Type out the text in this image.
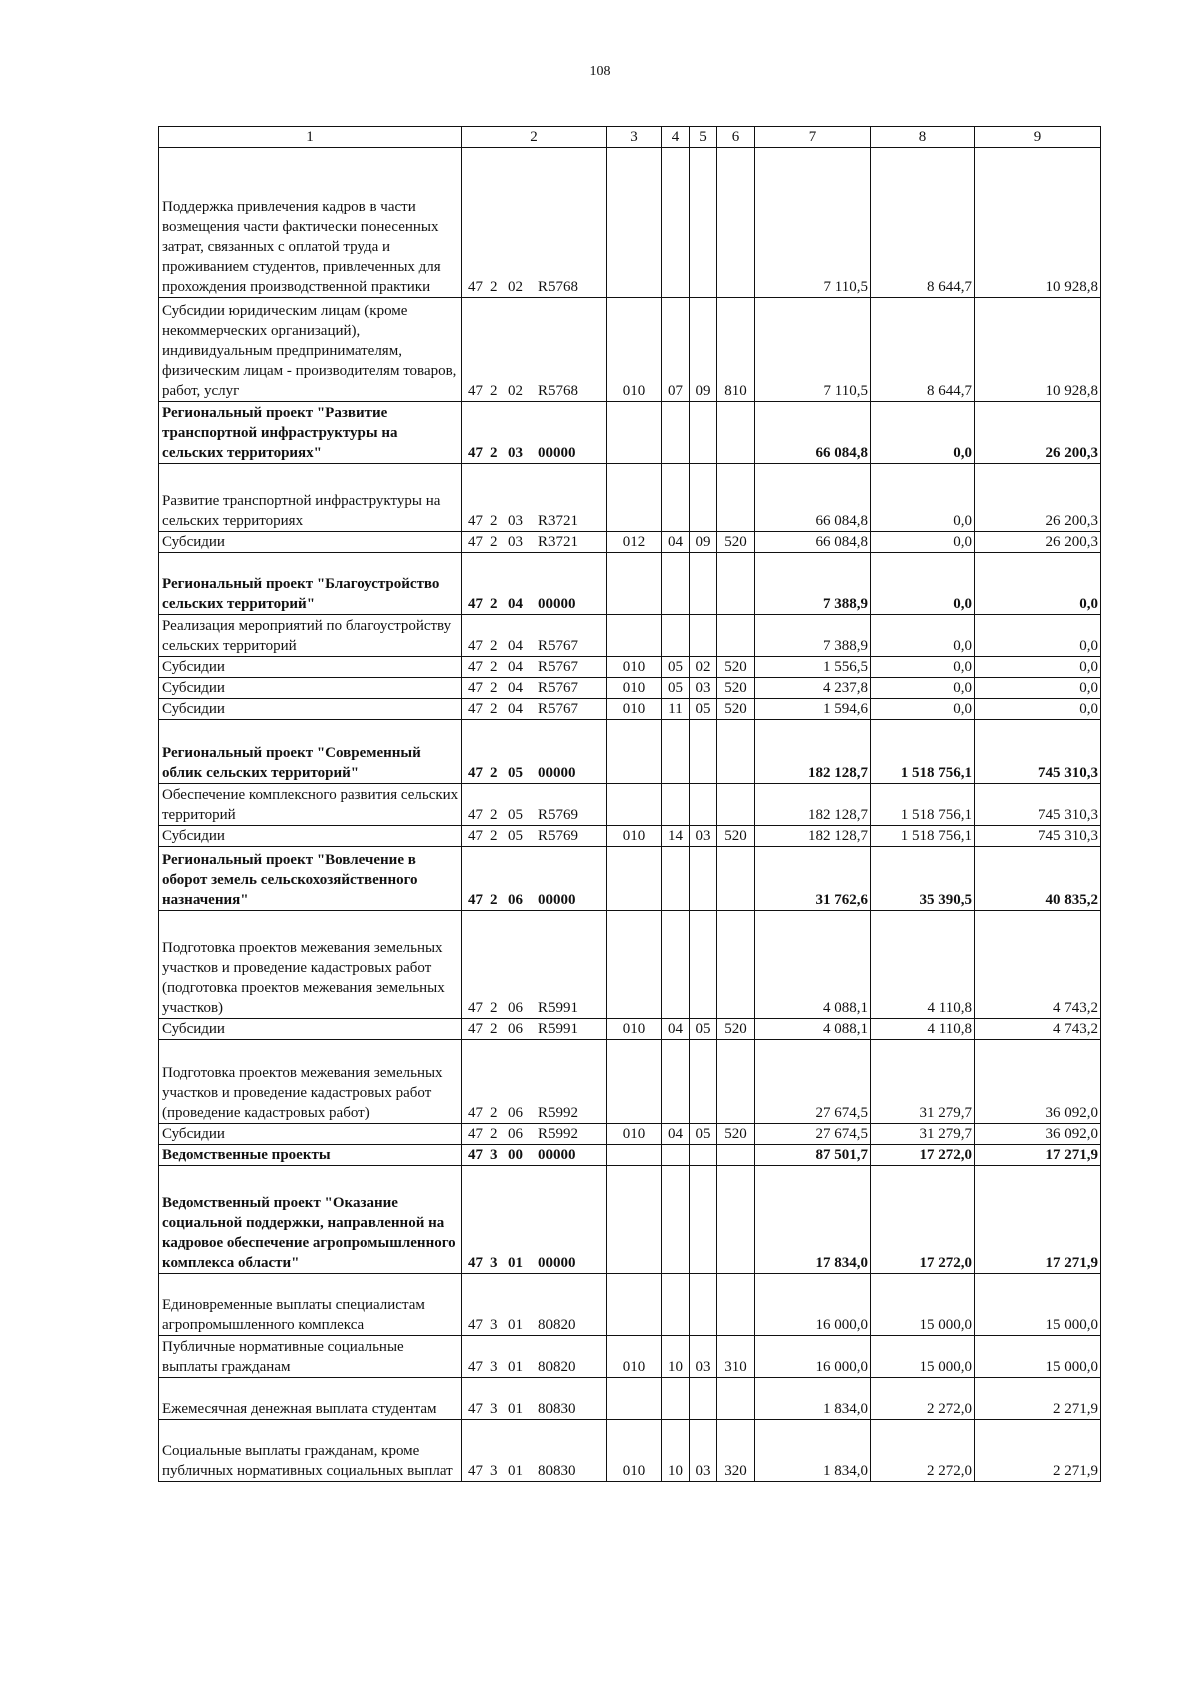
108
1	2	3	4	5	6	7	8	9
Поддержка привлечения кадров в части возмещения части фактически понесенных затрат, связанных с оплатой труда и проживанием студентов, привлеченных для прохождения производственной практики	47 2 02 R5768					7 110,5	8 644,7	10 928,8
Субсидии юридическим лицам (кроме некоммерческих организаций), индивидуальным предпринимателям, физическим лицам - производителям товаров, работ, услуг	47 2 02 R5768	010	07	09	810	7 110,5	8 644,7	10 928,8
Региональный проект "Развитие транспортной инфраструктуры на сельских территориях"	47 2 03 00000					66 084,8	0,0	26 200,3
Развитие транспортной инфраструктуры на сельских территориях	47 2 03 R3721					66 084,8	0,0	26 200,3
Субсидии	47 2 03 R3721	012	04	09	520	66 084,8	0,0	26 200,3
Региональный проект "Благоустройство сельских территорий"	47 2 04 00000					7 388,9	0,0	0,0
Реализация мероприятий по благоустройству сельских территорий	47 2 04 R5767					7 388,9	0,0	0,0
Субсидии	47 2 04 R5767	010	05	02	520	1 556,5	0,0	0,0
Субсидии	47 2 04 R5767	010	05	03	520	4 237,8	0,0	0,0
Субсидии	47 2 04 R5767	010	11	05	520	1 594,6	0,0	0,0
Региональный проект "Современный облик сельских территорий"	47 2 05 00000					182 128,7	1 518 756,1	745 310,3
Обеспечение комплексного развития сельских территорий	47 2 05 R5769					182 128,7	1 518 756,1	745 310,3
Субсидии	47 2 05 R5769	010	14	03	520	182 128,7	1 518 756,1	745 310,3
Региональный проект "Вовлечение в оборот земель сельскохозяйственного назначения"	47 2 06 00000					31 762,6	35 390,5	40 835,2
Подготовка проектов межевания земельных участков и проведение кадастровых работ (подготовка проектов межевания земельных участков)	47 2 06 R5991					4 088,1	4 110,8	4 743,2
Субсидии	47 2 06 R5991	010	04	05	520	4 088,1	4 110,8	4 743,2
Подготовка проектов межевания земельных участков и проведение кадастровых работ (проведение кадастровых работ)	47 2 06 R5992					27 674,5	31 279,7	36 092,0
Субсидии	47 2 06 R5992	010	04	05	520	27 674,5	31 279,7	36 092,0
Ведомственные проекты	47 3 00 00000					87 501,7	17 272,0	17 271,9
Ведомственный проект "Оказание социальной поддержки, направленной на кадровое обеспечение агропромышленного комплекса области"	47 3 01 00000					17 834,0	17 272,0	17 271,9
Единовременные выплаты специалистам агропромышленного комплекса	47 3 01 80820					16 000,0	15 000,0	15 000,0
Публичные нормативные социальные выплаты гражданам	47 3 01 80820	010	10	03	310	16 000,0	15 000,0	15 000,0
Ежемесячная денежная выплата студентам	47 3 01 80830					1 834,0	2 272,0	2 271,9
Социальные выплаты гражданам, кроме публичных нормативных социальных выплат	47 3 01 80830	010	10	03	320	1 834,0	2 272,0	2 271,9
